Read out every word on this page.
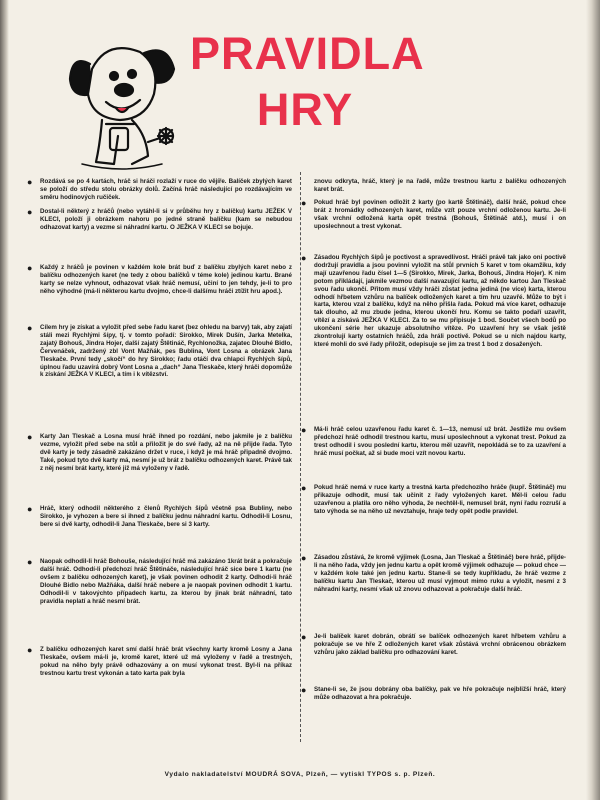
PRAVIDLA
HRY
● Rozdává se po 4 kartách, hráč si hráči rozlaží v ruce do vějíře. Balíček zbylých karet se položí do středu stolu obrázky dolů. Začíná hráč následující po rozdávajícím ve směru hodinových ručiček.

● Dostal-li některý z hráčů (nebo vytáhl-li si v průběhu hry z balíčku) kartu JEŽEK V KLECI, položí ji obrázkem nahoru po jedné straně balíčku (kam se nebudou odhazovat karty) a vezme si náhradní kartu. O JEŽKA V KLECI se bojuje.

● Každý z hráčů je povinen v každém kole brát buď z balíčku zbylých karet nebo z balíčku odhozených karet (ne tedy z obou balíčků v téme kole) jedinou kartu. Brané karty se nelze vyhnout, odhazovat však hráč nemusí, učiní to jen tehdy, je-li to pro něho výhodné (má-li některou kartu dvojmo, chce-li dalšímu hráči ztížit hru apod.).

● Cílem hry je získat a vyložit před sebe řadu karet (bez ohledu na barvy) tak, aby zajatí stáli mezi Rychlými šípy, tj. v tomto pořadí: Sirokko, Mirek Dušín, Jarka Metelka, zajatý Bohouš, Jindra Hojer, další zajatý Štětináč, Rychlonožka, zajatec Dlouhé Bidlo, Červenáček, zadržený zbl Vont Mažňák, pes Bublina, Vont Losna a obrázek Jana Tleskače. První tedy „skočí“ do hry Sirokko; řadu otáčí dva chlapci Rychlých šípů, úplnou řadu uzavírá dobrý Vont Losna a „dach“ Jana Tleskače, který hráči dopomůže k získání JEŽKA V KLECI, a tím i k vítězství.

● Karty Jan Tleskač a Losna musí hráč ihned po rozdání, nebo jakmile je z balíčku vezme, vyložit před sebe na stůl a přiložit je do své řady, až na ně přijde řada. Tyto dvě karty je tedy zásadně zakázáno držet v ruce, i když je má hráč připadně dvojmo. Také, pokud tyto dvě karty má, nesmí je už brát z balíčku odhozených karet. Právě tak z něj nesmí brát karty, které již má vyloženy v řadě.

● Hráč, který odhodil některého z členů Rychlých šípů včetně psa Bubliny, nebo Sirokko, je vyhozen a bere si ihned z balíčku jednu náhradní kartu. Odhodil-li Losnu, bere si dvě karty, odhodil-li Jana Tleskače, bere si 3 karty.

● Naopak odhodil-li hráč Bohouše, následující hráč má zakázáno 1krát brát a pokračuje další hráč. Odhodí-li předchozí hráč Štětináče, následující hráč sice bere 1 kartu (ne ovšem z balíčku odhozených karet), je však povinen odhodit 2 karty. Odhodí-li hráč Dlouhé Bidlo nebo Mažňáka, další hráč nebere a je naopak povinen odhodit 1 kartu. Odhodil-li v takovýchto případech kartu, za kterou by jinak brát náhradní, tato pravidla neplatí a hráč nesmí brát.

● Z balíčku odhozených karet smí další hráč brát všechny karty kromě Losny a Jana Tleskače, ovšem má-li je, kromě karet, které už má vyloženy v řadě a trestných, pokud na něho byly právě odhazovány a on musí vykonat trest. Byl-li na příkaz trestnou kartu trest vykonán a tato karta pak byla

znovu odkryta, hráč, který je na řadě, může trestnou kartu z balíčku odhozených karet brát.

● Pokud hráč byl povinen odložit 2 karty (po kartě Štětináč), další hráč, pokud chce brát z hromádky odhozených karet, může vzít pouze vrchní odloženou kartu. Je-li však vrchní odložená karta opět trestná (Bohouš, Štětináč atd.), musí i on uposlechnout a trest vykonat.

● Zásadou Rychlých šípů je poctivost a spravedlivost. Hráči právě tak jako oni poctivě dodržují pravidla a jsou povinni vyložit na stůl prvních 5 karet v tom okamžiku, kdy mají uzavřenou řadu čísel 1—5 (Sirokko, Mirek, Jarka, Bohouš, Jindra Hojer). K nim potom přikládají, jakmile vezmou další navazující kartu, až někdo kartou Jan Tleskač svou řadu ukončí. Přitom musí vždy hráči zůstat jedna jediná (ne více) karta, kterou odhodí hřbetem vzhůru na balíček odložených karet a tím hru uzavřé. Může to být i karta, kterou vzal z balíčku, když na něho přišla řada. Pokud má více karet, odhazuje tak dlouho, až mu zbude jedna, kterou ukončí hru. Komu se takto podaří uzavřít, vítězí a získává JEŽKA V KLECI. Za to se mu připisuje 1 bod. Součet všech bodů po ukončení série her ukazuje absolutního vítěze. Po uzavření hry se však ještě zkontrolují karty ostatních hráčů, zda hráli poctivě. Pokud se u nich najdou karty, které mohli do své řady přiložit, odepisuje se jim za trest 1 bod z dosažených.

● Má-li hráč celou uzavřenou řadu karet č. 1—13, nemusí už brát. Jestliže mu ovšem předchozí hráč odhodil trestnou kartu, musí uposlechnout a vykonat trest. Pokud za trest odhodil i svou poslední kartu, kterou měl uzavřít, nepokládá se to za uzavření a hráč musí počkat, až si bude moci vzít novou kartu.

● Pokud hráč nemá v ruce karty a trestná karta předchozího hráče (kupř. Štětináč) mu přikazuje odhodit, musí tak učinit z řady vyložených karet. Měl-li celou řadu uzavřenou a platila oro něho výhoda, že nechtěl-li, nemusel brát, nyní řadu rozruší a tato výhoda se na něho už nevztahuje, hraje tedy opět podle pravidel.

● Zásadou zůstává, že kromě výjimek (Losna, Jan Tleskač a Štětináč) bere hráč, přijde-li na něho řada, vždy jen jednu kartu a opět kromě výjimek odhazuje — pokud chce — v každém kole také jen jednu kartu. Stane-li se tedy kupříkladu, že hráč vezme z balíčku kartu Jan Tleskač, kterou už musí vyjmout mimo ruku a vyložit, nesmí z 3 náhradní karty, nesmí však už znovu odhazovat a pokračuje další hráč.

● Je-li balíček karet dobrán, obrátí se balíček odhozených karet hřbetem vzhůru a pokračuje se ve hře Z odložených karet však zůstává vrchní obrácenou obrázkem vzhůru jako základ balíčku pro odhazování karet.

● Stane-li se, že jsou dobrány oba balíčky, pak ve hře pokračuje nejbližší hráč, který může odhazovat a hra pokračuje.

Vydalo nakladatelství MOUDRÁ SOVA, Plzeň, — vytiskl TYPOS s. p. Plzeň.
